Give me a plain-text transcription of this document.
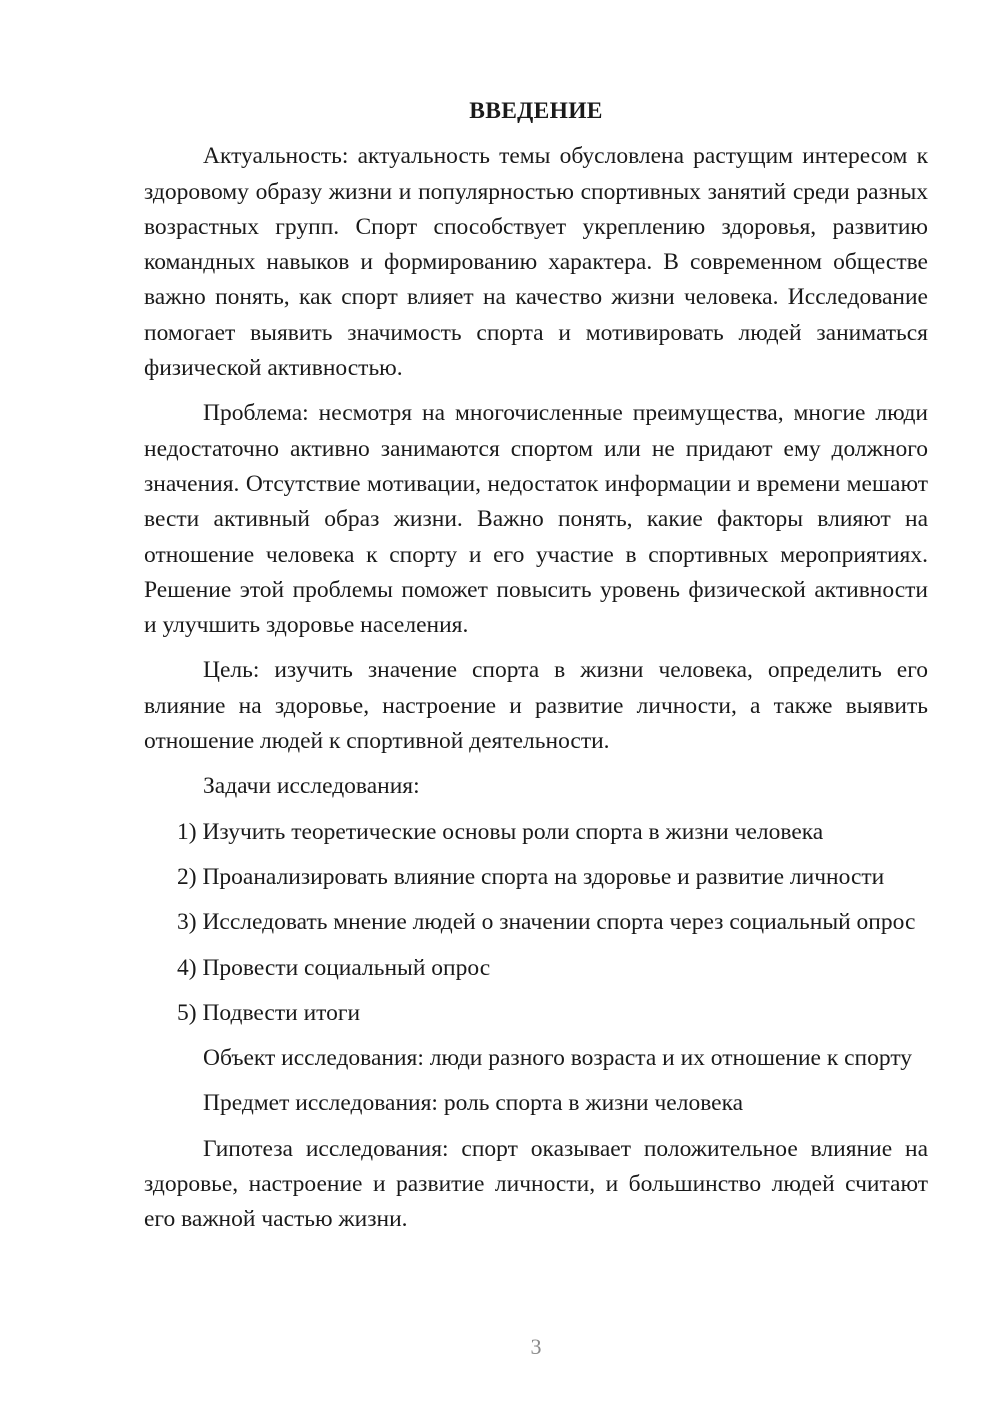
ВВЕДЕНИЕ

Актуальность: актуальность темы обусловлена растущим интересом к здоровому образу жизни и популярностью спортивных занятий среди разных возрастных групп. Спорт способствует укреплению здоровья, развитию командных навыков и формированию характера. В современном обществе важно понять, как спорт влияет на качество жизни человека. Исследование помогает выявить значимость спорта и мотивировать людей заниматься физической активностью.

Проблема: несмотря на многочисленные преимущества, многие люди недостаточно активно занимаются спортом или не придают ему должного значения. Отсутствие мотивации, недостаток информации и времени мешают вести активный образ жизни. Важно понять, какие факторы влияют на отношение человека к спорту и его участие в спортивных мероприятиях. Решение этой проблемы поможет повысить уровень физической активности и улучшить здоровье населения.

Цель: изучить значение спорта в жизни человека, определить его влияние на здоровье, настроение и развитие личности, а также выявить отношение людей к спортивной деятельности.

Задачи исследования:

1) Изучить теоретические основы роли спорта в жизни человека

2) Проанализировать влияние спорта на здоровье и развитие личности

3) Исследовать мнение людей о значении спорта через социальный опрос

4) Провести социальный опрос

5) Подвести итоги

Объект исследования: люди разного возраста и их отношение к спорту

Предмет исследования: роль спорта в жизни человека

Гипотеза исследования: спорт оказывает положительное влияние на здоровье, настроение и развитие личности, и большинство людей считают его важной частью жизни.

3
